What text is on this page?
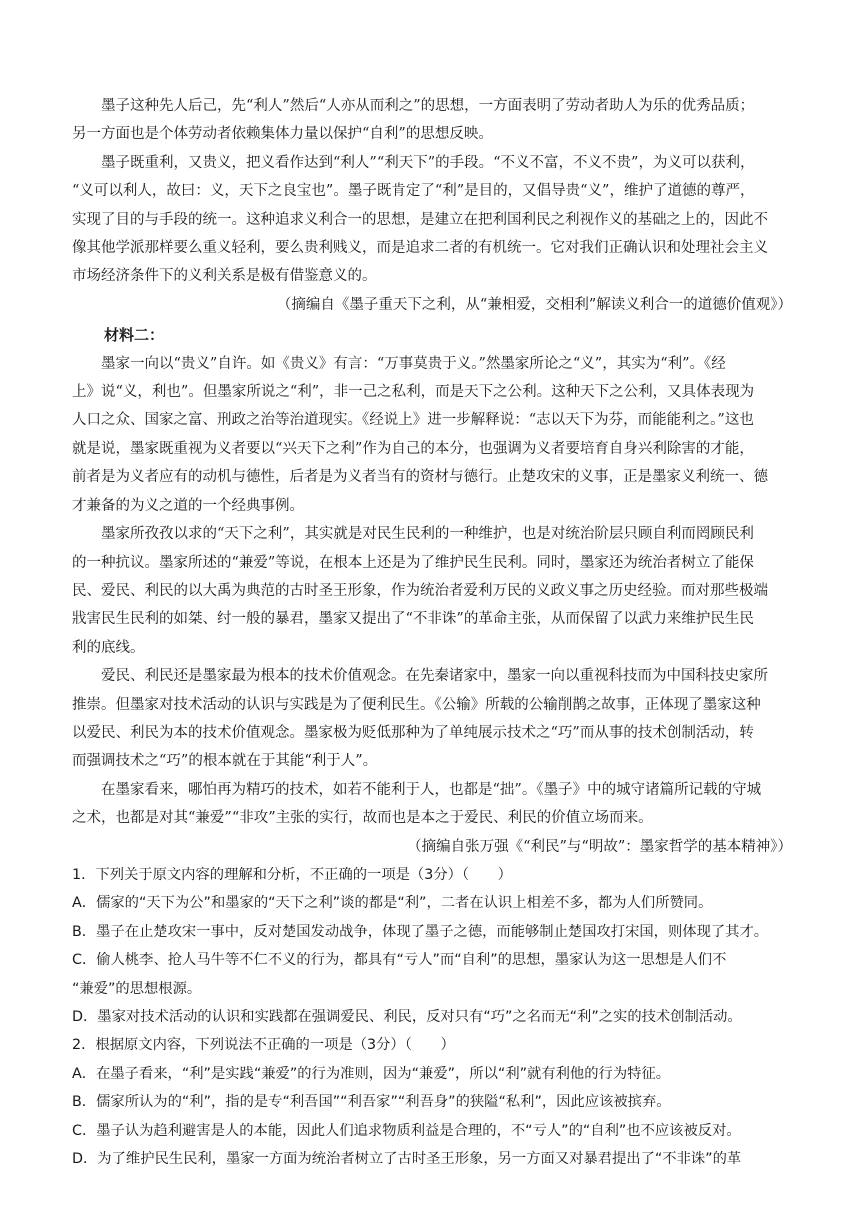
墨子这种先人后己，先“利人”然后“人亦从而利之”的思想，一方面表明了劳动者助人为乐的优秀品质；
另一方面也是个体劳动者依赖集体力量以保护“自利”的思想反映。

墨子既重利，又贵义，把义看作达到“利人”“利天下”的手段。“不义不富，不义不贵”，为义可以获利，
“义可以利人，故曰：义，天下之良宝也”。墨子既肯定了“利”是目的，又倡导贵“义”，维护了道德的尊严，
实现了目的与手段的统一。这种追求义利合一的思想，是建立在把利国利民之利视作义的基础之上的，因此不
像其他学派那样要么重义轻利，要么贵利贱义，而是追求二者的有机统一。它对我们正确认识和处理社会主义
市场经济条件下的义利关系是极有借鉴意义的。

（摘编自《墨子重天下之利，从“兼相爱，交相利”解读义利合一的道德价值观》）

材料二：

墨家一向以“贵义”自许。如《贵义》有言：“万事莫贵于义。”然墨家所论之“义”，其实为“利”。《经
上》说“义，利也”。但墨家所说之“利”，非一己之私利，而是天下之公利。这种天下之公利，又具体表现为
人口之众、国家之富、刑政之治等治道现实。《经说上》进一步解释说：“志以天下为芬，而能能利之。”这也
就是说，墨家既重视为义者要以“兴天下之利”作为自己的本分，也强调为义者要培育自身兴利除害的才能，
前者是为义者应有的动机与德性，后者是为义者当有的资材与德行。止楚攻宋的义事，正是墨家义利统一、德
才兼备的为义之道的一个经典事例。

墨家所孜孜以求的“天下之利”，其实就是对民生民利的一种维护，也是对统治阶层只顾自利而罔顾民利
的一种抗议。墨家所述的“兼爱”等说，在根本上还是为了维护民生民利。同时，墨家还为统治者树立了能保
民、爱民、利民的以大禹为典范的古时圣王形象，作为统治者爱利万民的义政义事之历史经验。而对那些极端
戕害民生民利的如桀、纣一般的暴君，墨家又提出了“不非诛”的革命主张，从而保留了以武力来维护民生民
利的底线。

爱民、利民还是墨家最为根本的技术价值观念。在先秦诸家中，墨家一向以重视科技而为中国科技史家所
推崇。但墨家对技术活动的认识与实践是为了便利民生。《公输》所载的公输削鹊之故事，正体现了墨家这种
以爱民、利民为本的技术价值观念。墨家极为贬低那种为了单纯展示技术之“巧”而从事的技术创制活动，转
而强调技术之“巧”的根本就在于其能“利于人”。

在墨家看来，哪怕再为精巧的技术，如若不能利于人，也都是“拙”。《墨子》中的城守诸篇所记载的守城
之术，也都是对其“兼爱”“非攻”主张的实行，故而也是本之于爱民、利民的价值立场而来。

（摘编自张万强《“利民”与“明故”：墨家哲学的基本精神》）

1．下列关于原文内容的理解和分析，不正确的一项是（3分）（　　）

A．儒家的“天下为公”和墨家的“天下之利”谈的都是“利”，二者在认识上相差不多，都为人们所赞同。

B．墨子在止楚攻宋一事中，反对楚国发动战争，体现了墨子之德，而能够制止楚国攻打宋国，则体现了其才。

C．偷人桃李、抢人马牛等不仁不义的行为，都具有“亏人”而“自利”的思想，墨家认为这一思想是人们不
“兼爱”的思想根源。

D．墨家对技术活动的认识和实践都在强调爱民、利民，反对只有“巧”之名而无“利”之实的技术创制活动。

2．根据原文内容，下列说法不正确的一项是（3分）（　　）

A．在墨子看来，“利”是实践“兼爱”的行为准则，因为“兼爱”，所以“利”就有利他的行为特征。

B．儒家所认为的“利”，指的是专“利吾国”“利吾家”“利吾身”的狭隘“私利”，因此应该被摈弃。

C．墨子认为趋利避害是人的本能，因此人们追求物质利益是合理的，不“亏人”的“自利”也不应该被反对。

D．为了维护民生民利，墨家一方面为统治者树立了古时圣王形象，另一方面又对暴君提出了“不非诛”的革
